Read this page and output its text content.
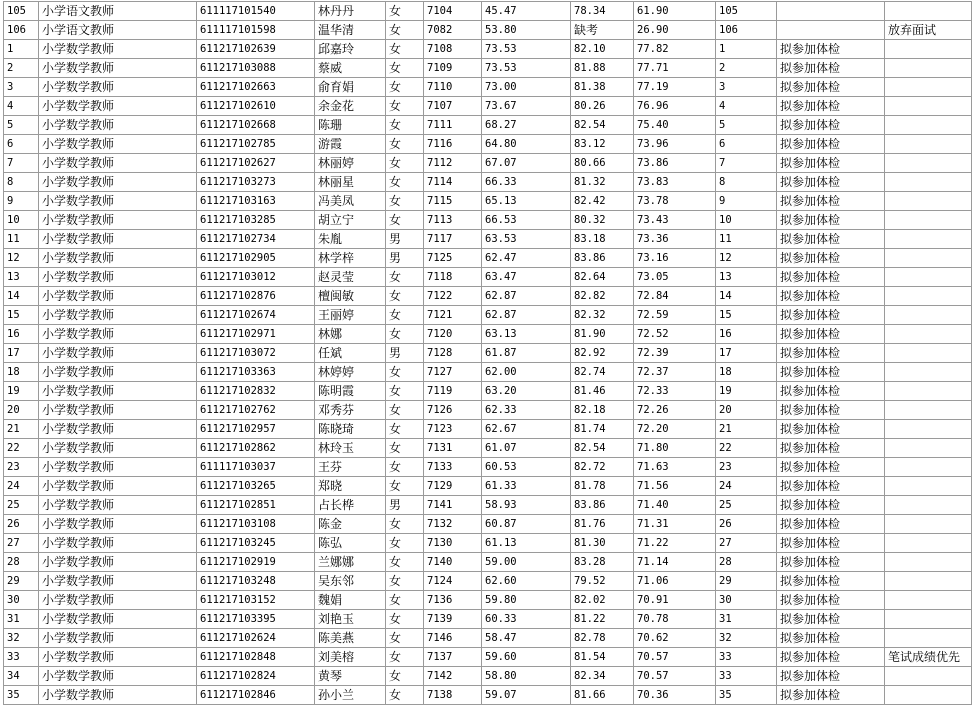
105	小学语文教师	611117101540	林丹丹	女	7104	45.47	78.34	61.90	105		
106	小学语文教师	611117101598	温华清	女	7082	53.80	缺考	26.90	106		放弃面试
1	小学数学教师	611217102639	邱嘉玲	女	7108	73.53	82.10	77.82	1	拟参加体检	
2	小学数学教师	611217103088	蔡威	女	7109	73.53	81.88	77.71	2	拟参加体检	
3	小学数学教师	611217102663	俞育娟	女	7110	73.00	81.38	77.19	3	拟参加体检	
4	小学数学教师	611217102610	余金花	女	7107	73.67	80.26	76.96	4	拟参加体检	
5	小学数学教师	611217102668	陈珊	女	7111	68.27	82.54	75.40	5	拟参加体检	
6	小学数学教师	611217102785	游霞	女	7116	64.80	83.12	73.96	6	拟参加体检	
7	小学数学教师	611217102627	林丽婷	女	7112	67.07	80.66	73.86	7	拟参加体检	
8	小学数学教师	611217103273	林丽星	女	7114	66.33	81.32	73.83	8	拟参加体检	
9	小学数学教师	611217103163	冯美凤	女	7115	65.13	82.42	73.78	9	拟参加体检	
10	小学数学教师	611217103285	胡立宁	女	7113	66.53	80.32	73.43	10	拟参加体检	
11	小学数学教师	611217102734	朱胤	男	7117	63.53	83.18	73.36	11	拟参加体检	
12	小学数学教师	611217102905	林学梓	男	7125	62.47	83.86	73.16	12	拟参加体检	
13	小学数学教师	611217103012	赵灵莹	女	7118	63.47	82.64	73.05	13	拟参加体检	
14	小学数学教师	611217102876	檀闽敏	女	7122	62.87	82.82	72.84	14	拟参加体检	
15	小学数学教师	611217102674	王丽婷	女	7121	62.87	82.32	72.59	15	拟参加体检	
16	小学数学教师	611217102971	林娜	女	7120	63.13	81.90	72.52	16	拟参加体检	
17	小学数学教师	611217103072	任斌	男	7128	61.87	82.92	72.39	17	拟参加体检	
18	小学数学教师	611217103363	林婷婷	女	7127	62.00	82.74	72.37	18	拟参加体检	
19	小学数学教师	611217102832	陈明霞	女	7119	63.20	81.46	72.33	19	拟参加体检	
20	小学数学教师	611217102762	邓秀芬	女	7126	62.33	82.18	72.26	20	拟参加体检	
21	小学数学教师	611217102957	陈晓琦	女	7123	62.67	81.74	72.20	21	拟参加体检	
22	小学数学教师	611217102862	林玲玉	女	7131	61.07	82.54	71.80	22	拟参加体检	
23	小学数学教师	611117103037	王芬	女	7133	60.53	82.72	71.63	23	拟参加体检	
24	小学数学教师	611217103265	郑晓	女	7129	61.33	81.78	71.56	24	拟参加体检	
25	小学数学教师	611217102851	占长桦	男	7141	58.93	83.86	71.40	25	拟参加体检	
26	小学数学教师	611217103108	陈金	女	7132	60.87	81.76	71.31	26	拟参加体检	
27	小学数学教师	611217103245	陈弘	女	7130	61.13	81.30	71.22	27	拟参加体检	
28	小学数学教师	611217102919	兰娜娜	女	7140	59.00	83.28	71.14	28	拟参加体检	
29	小学数学教师	611217103248	吴东邻	女	7124	62.60	79.52	71.06	29	拟参加体检	
30	小学数学教师	611217103152	魏娟	女	7136	59.80	82.02	70.91	30	拟参加体检	
31	小学数学教师	611217103395	刘艳玉	女	7139	60.33	81.22	70.78	31	拟参加体检	
32	小学数学教师	611217102624	陈美燕	女	7146	58.47	82.78	70.62	32	拟参加体检	
33	小学数学教师	611217102848	刘美榕	女	7137	59.60	81.54	70.57	33	拟参加体检	笔试成绩优先
34	小学数学教师	611217102824	黄琴	女	7142	58.80	82.34	70.57	33	拟参加体检	
35	小学数学教师	611217102846	孙小兰	女	7138	59.07	81.66	70.36	35	拟参加体检	
